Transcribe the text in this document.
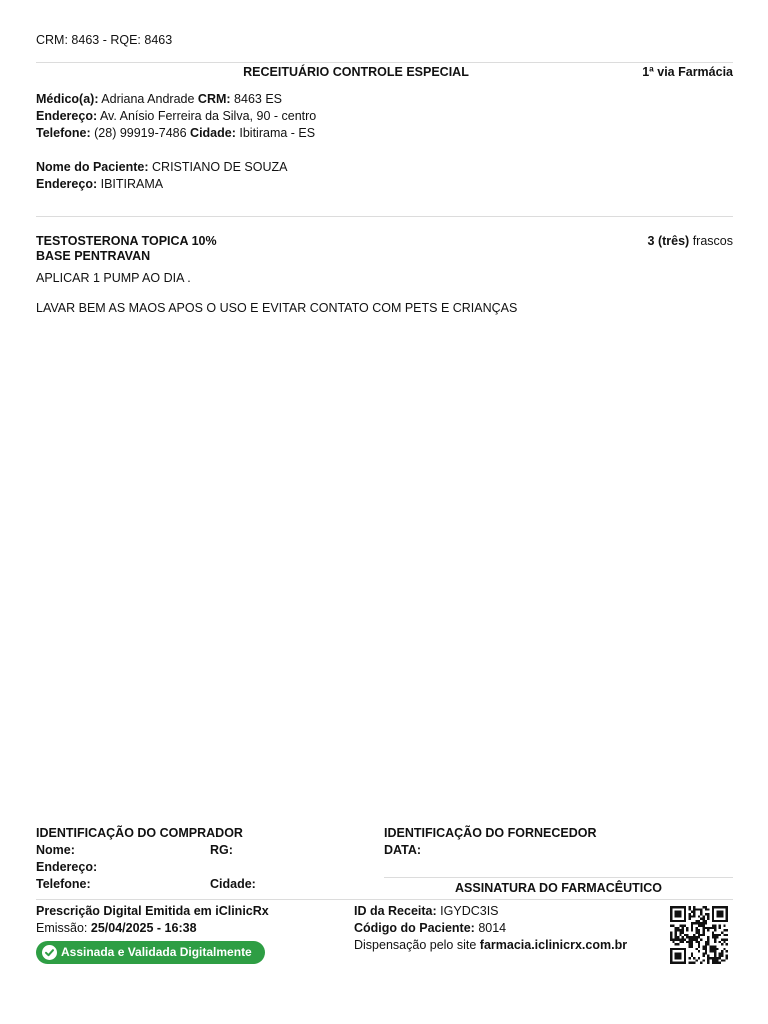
CRM: 8463 - RQE: 8463
RECEITUÁRIO CONTROLE ESPECIAL	1ª via Farmácia
Médico(a): Adriana Andrade CRM: 8463 ES
Endereço: Av. Anísio Ferreira da Silva, 90 - centro
Telefone: (28) 99919-7486 Cidade: Ibitirama - ES
Nome do Paciente: CRISTIANO DE SOUZA
Endereço: IBITIRAMA
TESTOSTERONA TOPICA 10%
BASE PENTRAVAN
3 (três) frascos
APLICAR 1 PUMP AO DIA .
LAVAR BEM AS MAOS APOS O USO E EVITAR CONTATO COM PETS E CRIANÇAS
IDENTIFICAÇÃO DO COMPRADOR
Nome:	RG:
Endereço:
Telefone:	Cidade:
IDENTIFICAÇÃO DO FORNECEDOR
DATA:
ASSINATURA DO FARMACÊUTICO
Prescrição Digital Emitida em iClinicRx
Emissão: 25/04/2025 - 16:38
Assinada e Validada Digitalmente
ID da Receita: IGYDC3IS
Código do Paciente: 8014
Dispensação pelo site farmacia.iclinicrx.com.br
